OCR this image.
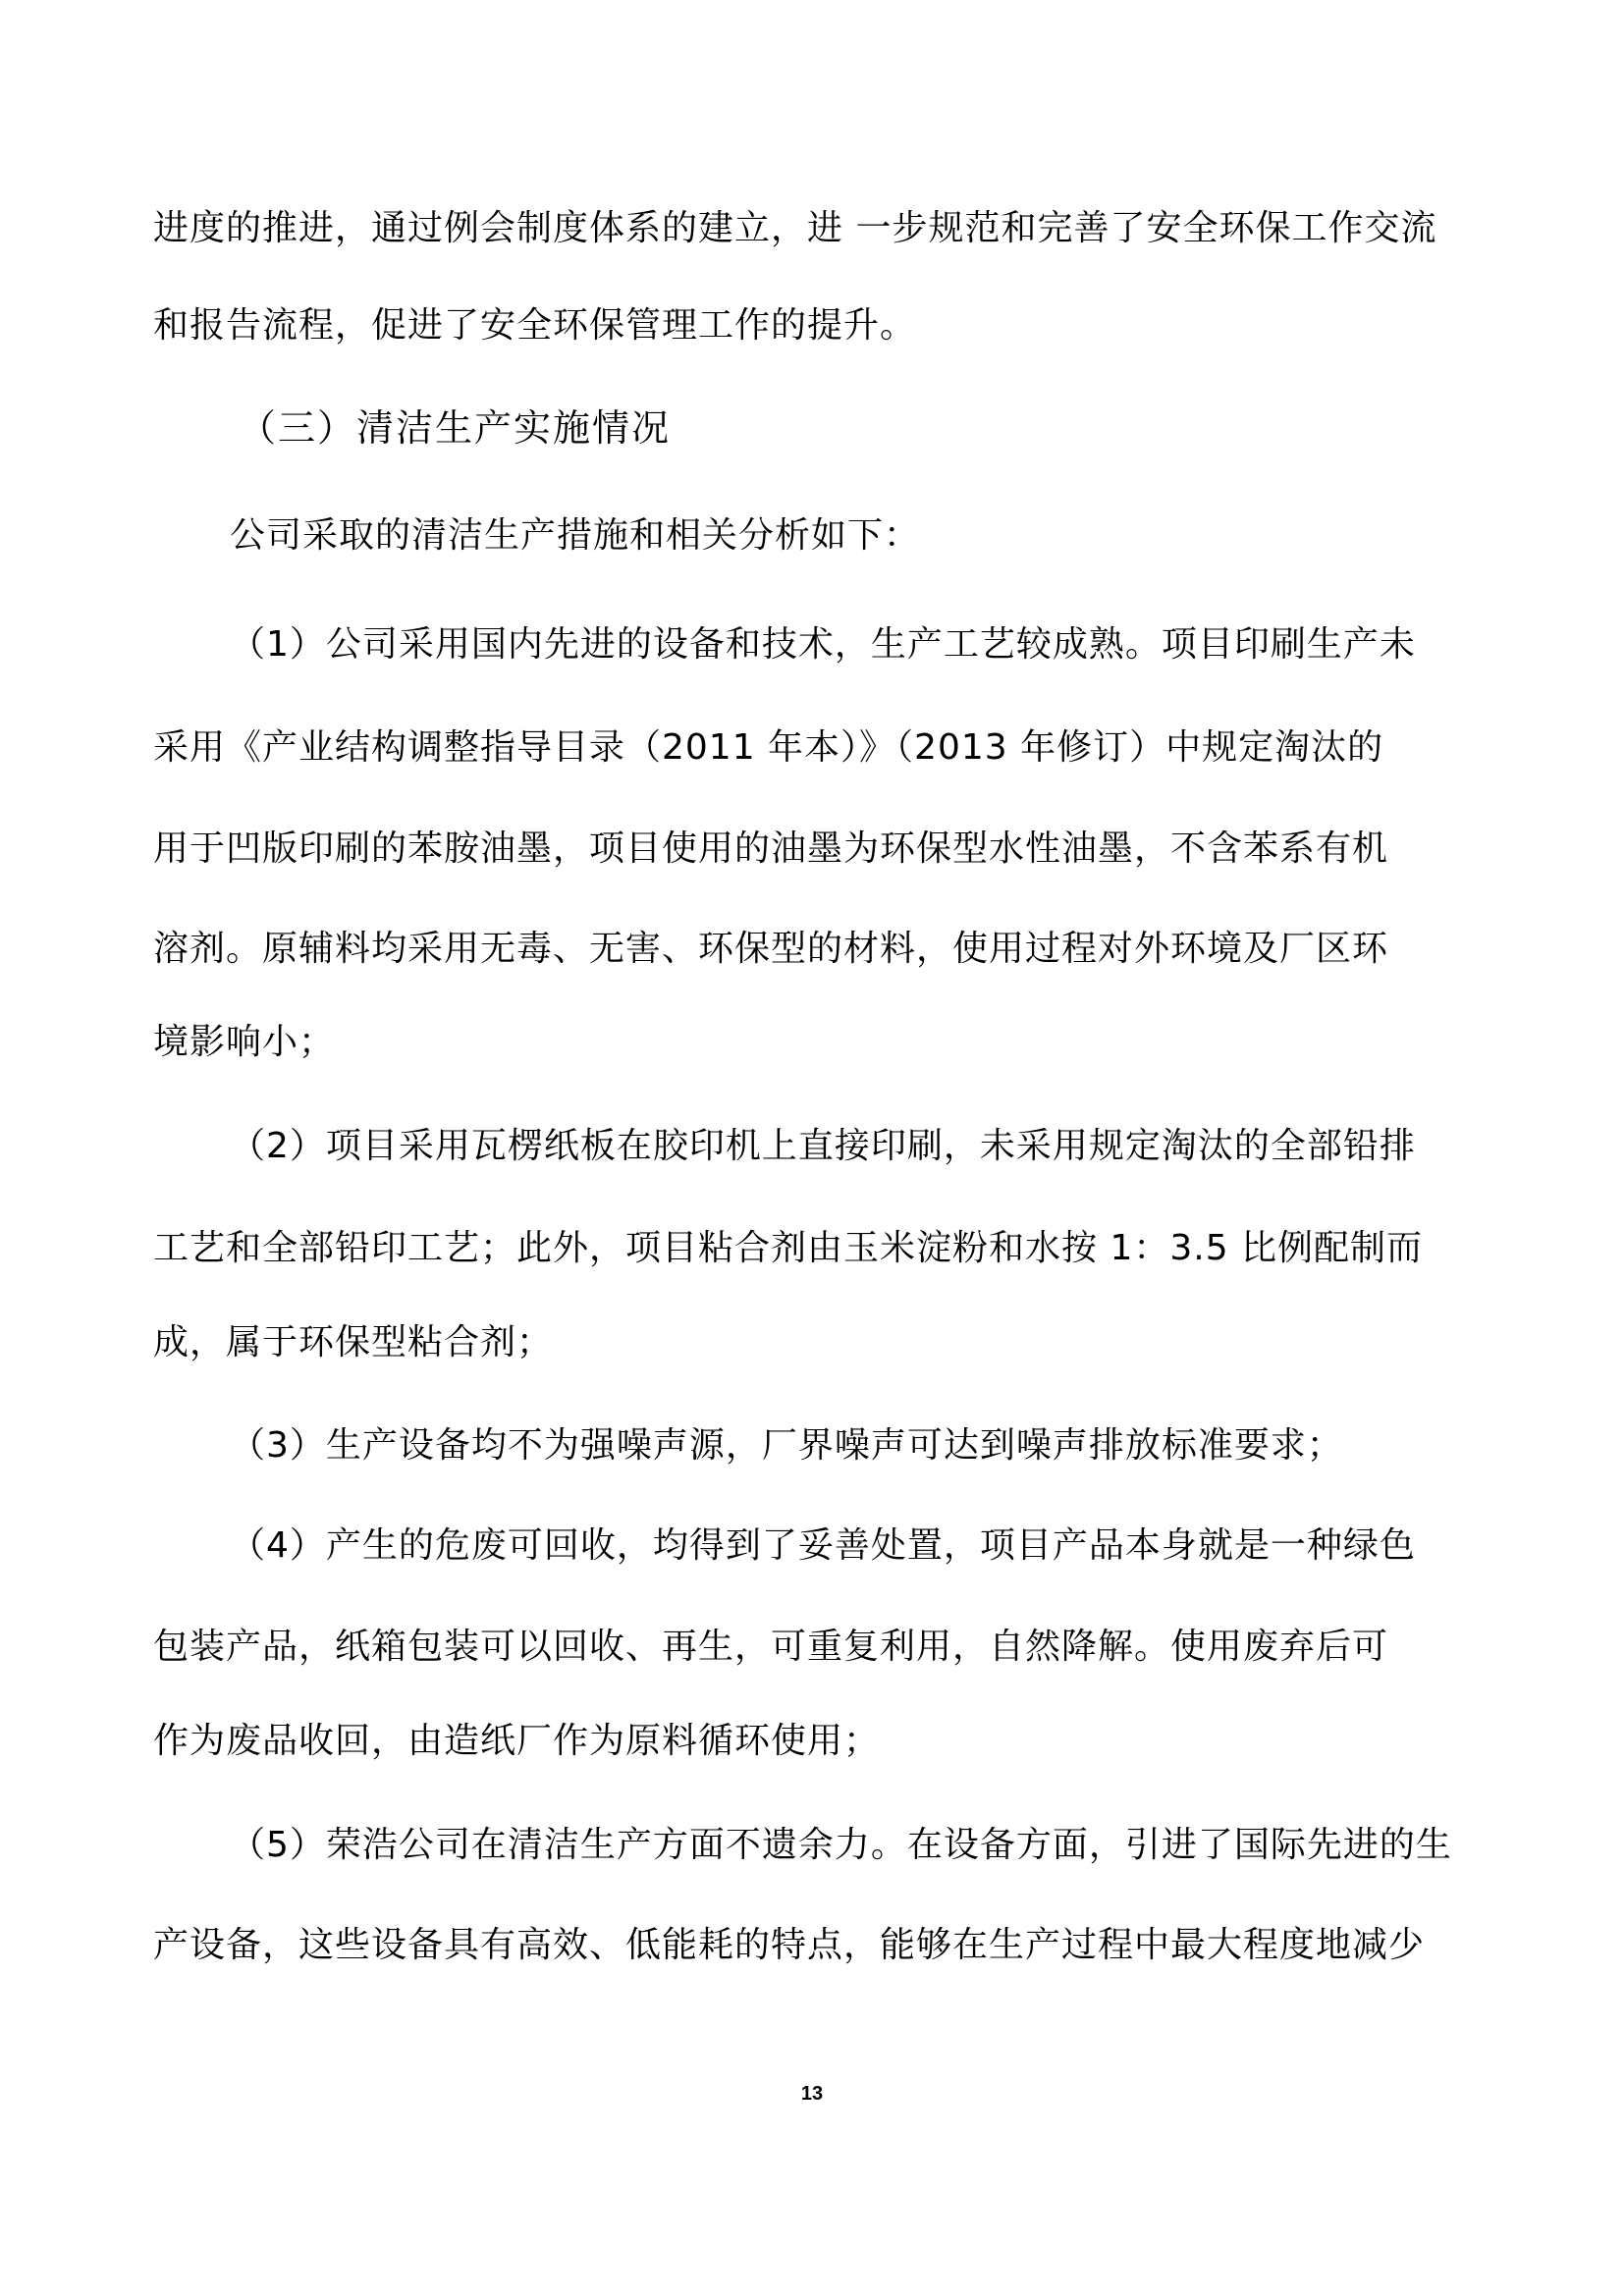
进度的推进，通过例会制度体系的建立，进 一步规范和完善了安全环保工作交流
和报告流程，促进了安全环保管理工作的提升。
（三）清洁生产实施情况
公司采取的清洁生产措施和相关分析如下：
（1）公司采用国内先进的设备和技术，生产工艺较成熟。项目印刷生产未
采用《产业结构调整指导目录（2011 年本）》（2013 年修订）中规定淘汰的
用于凹版印刷的苯胺油墨，项目使用的油墨为环保型水性油墨，不含苯系有机
溶剂。原辅料均采用无毒、无害、环保型的材料，使用过程对外环境及厂区环
境影响小；
（2）项目采用瓦楞纸板在胶印机上直接印刷，未采用规定淘汰的全部铅排
工艺和全部铅印工艺；此外，项目粘合剂由玉米淀粉和水按 1：3.5 比例配制而
成，属于环保型粘合剂；
（3）生产设备均不为强噪声源，厂界噪声可达到噪声排放标准要求；
（4）产生的危废可回收，均得到了妥善处置，项目产品本身就是一种绿色
包装产品，纸箱包装可以回收、再生，可重复利用，自然降解。使用废弃后可
作为废品收回，由造纸厂作为原料循环使用；
（5）荣浩公司在清洁生产方面不遗余力。在设备方面，引进了国际先进的生
产设备，这些设备具有高效、低能耗的特点，能够在生产过程中最大程度地减少
13
